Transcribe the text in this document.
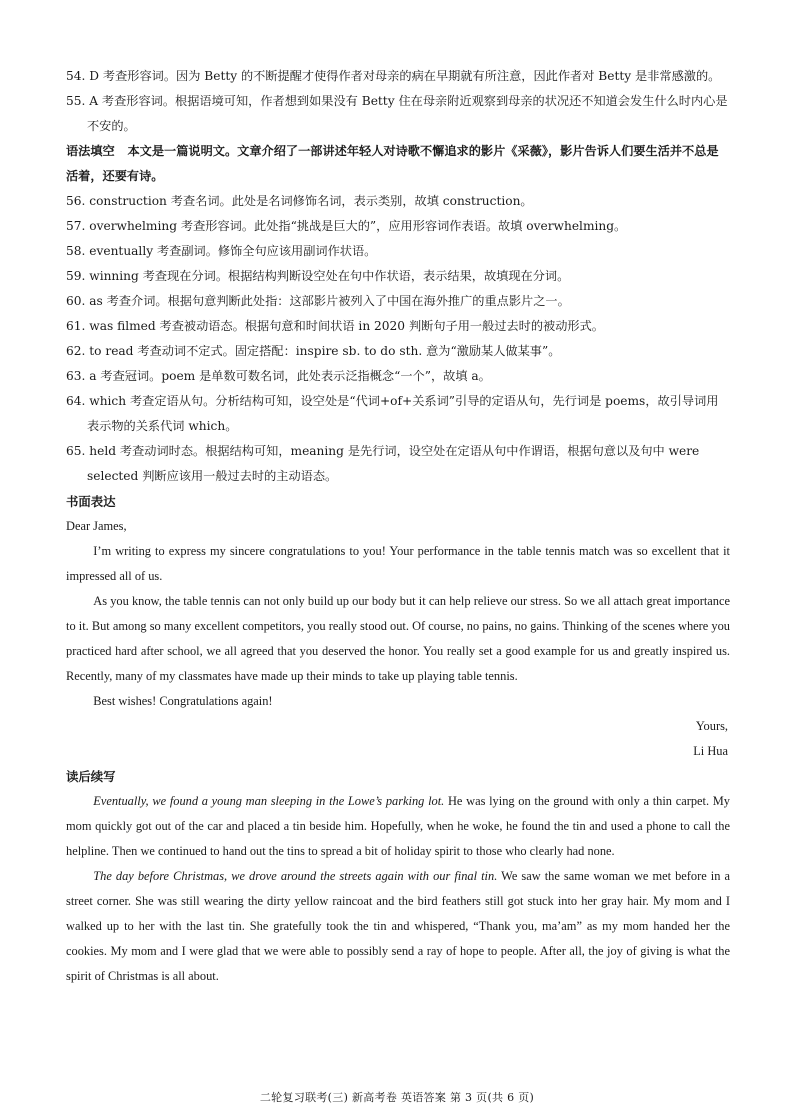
54. D 考查形容词。因为 Betty 的不断提醒才使得作者对母亲的病在早期就有所注意，因此作者对 Betty 是非常感激的。
55. A 考查形容词。根据语境可知，作者想到如果没有 Betty 住在母亲附近观察到母亲的状况还不知道会发生什么时内心是不安的。
语法填空 本文是一篇说明文。文章介绍了一部讲述年轻人对诗歌不懈追求的影片《采薇》，影片告诉人们要生活并不总是活着，还要有诗。
56. construction 考查名词。此处是名词修饰名词，表示类别，故填 construction。
57. overwhelming 考查形容词。此处指“挑战是巨大的”，应用形容词作表语。故填 overwhelming。
58. eventually 考查副词。修饰全句应该用副词作状语。
59. winning 考查现在分词。根据结构判断设空处在句中作状语，表示结果，故填现在分词。
60. as 考查介词。根据句意判断此处指：这部影片被列入了中国在海外推广的重点影片之一。
61. was filmed 考查被动语态。根据句意和时间状语 in 2020 判断句子用一般过去时的被动形式。
62. to read 考查动词不定式。固定搭配：inspire sb. to do sth. 意为“激励某人做某事”。
63. a 考查冠词。poem 是单数可数名词，此处表示泛指概念“一个”，故填 a。
64. which 考查定语从句。分析结构可知，设空处是“代词+of+关系词”引导的定语从句，先行词是 poems，故引导词用表示物的关系代词 which。
65. held 考查动词时态。根据结构可知，meaning 是先行词，设空处在定语从句中作谓语，根据句意以及句中 were selected 判断应该用一般过去时的主动语态。
书面表达

Dear James,

I’m writing to express my sincere congratulations to you! Your performance in the table tennis match was so excellent that it impressed all of us.

As you know, the table tennis can not only build up our body but it can help relieve our stress. So we all attach great importance to it. But among so many excellent competitors, you really stood out. Of course, no pains, no gains. Thinking of the scenes where you practiced hard after school, we all agreed that you deserved the honor. You really set a good example for us and greatly inspired us. Recently, many of my classmates have made up their minds to take up playing table tennis.

Best wishes! Congratulations again!

Yours,

Li Hua

读后续写

Eventually, we found a young man sleeping in the Lowe’s parking lot. He was lying on the ground with only a thin carpet. My mom quickly got out of the car and placed a tin beside him. Hopefully, when he woke, he found the tin and used a phone to call the helpline. Then we continued to hand out the tins to spread a bit of holiday spirit to those who clearly had none.

The day before Christmas, we drove around the streets again with our final tin. We saw the same woman we met before in a street corner. She was still wearing the dirty yellow raincoat and the bird feathers still got stuck into her gray hair. My mom and I walked up to her with the last tin. She gratefully took the tin and whispered, “Thank you, ma’am” as my mom handed her the cookies. My mom and I were glad that we were able to possibly send a ray of hope to people. After all, the joy of giving is what the spirit of Christmas is all about.

二轮复习联考(三) 新高考卷 英语答案 第 3 页(共 6 页)
